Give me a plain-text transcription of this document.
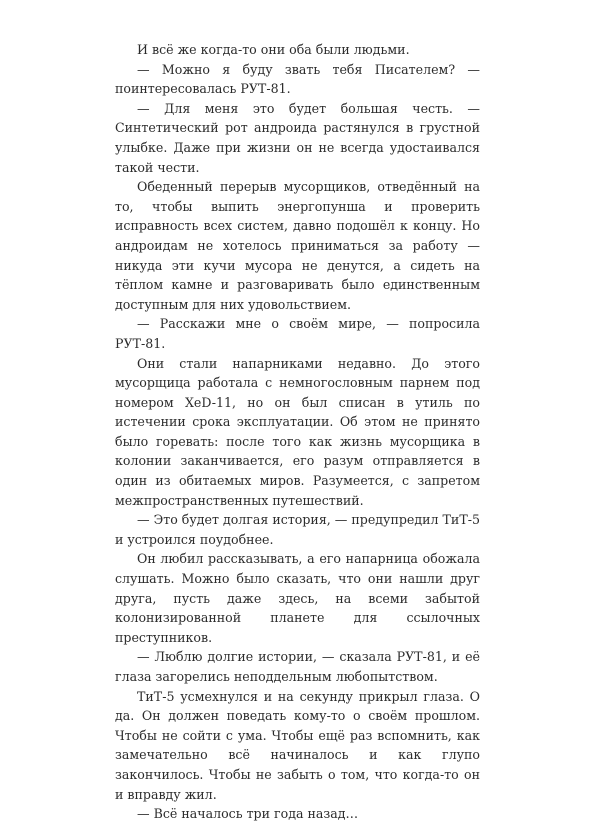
И всё же когда-то они оба были людьми.

— Можно я буду звать тебя Писателем? — поинтересовалась РУТ-81.

— Для меня это будет большая честь. — Синтетический рот андроида растянулся в грустной улыбке. Даже при жизни он не всегда удостаивался такой чести.

Обеденный перерыв мусорщиков, отведённый на то, чтобы выпить энергопунша и проверить исправность всех систем, давно подошёл к концу. Но андроидам не хотелось приниматься за работу — никуда эти кучи мусора не денутся, а сидеть на тёплом камне и разговаривать было единственным доступным для них удовольствием.

— Расскажи мне о своём мире, — попросила РУТ-81.

Они стали напарниками недавно. До этого мусорщица работала с немногословным парнем под номером XeD-11, но он был списан в утиль по истечении срока эксплуатации. Об этом не принято было горевать: после того как жизнь мусорщика в колонии заканчивается, его разум отправляется в один из обитаемых миров. Разумеется, с запретом межпространственных путешествий.

— Это будет долгая история, — предупредил ТиТ-5 и устроился поудобнее.

Он любил рассказывать, а его напарница обожала слушать. Можно было сказать, что они нашли друг друга, пусть даже здесь, на всеми забытой колонизированной планете для ссылочных преступников.

— Люблю долгие истории, — сказала РУТ-81, и её глаза загорелись неподдельным любопытством.

ТиТ-5 усмехнулся и на секунду прикрыл глаза. О да. Он должен поведать кому-то о своём прошлом. Чтобы не сойти с ума. Чтобы ещё раз вспомнить, как замечательно всё начиналось и как глупо закончилось. Чтобы не забыть о том, что когда-то он и вправду жил.

— Всё началось три года назад…
